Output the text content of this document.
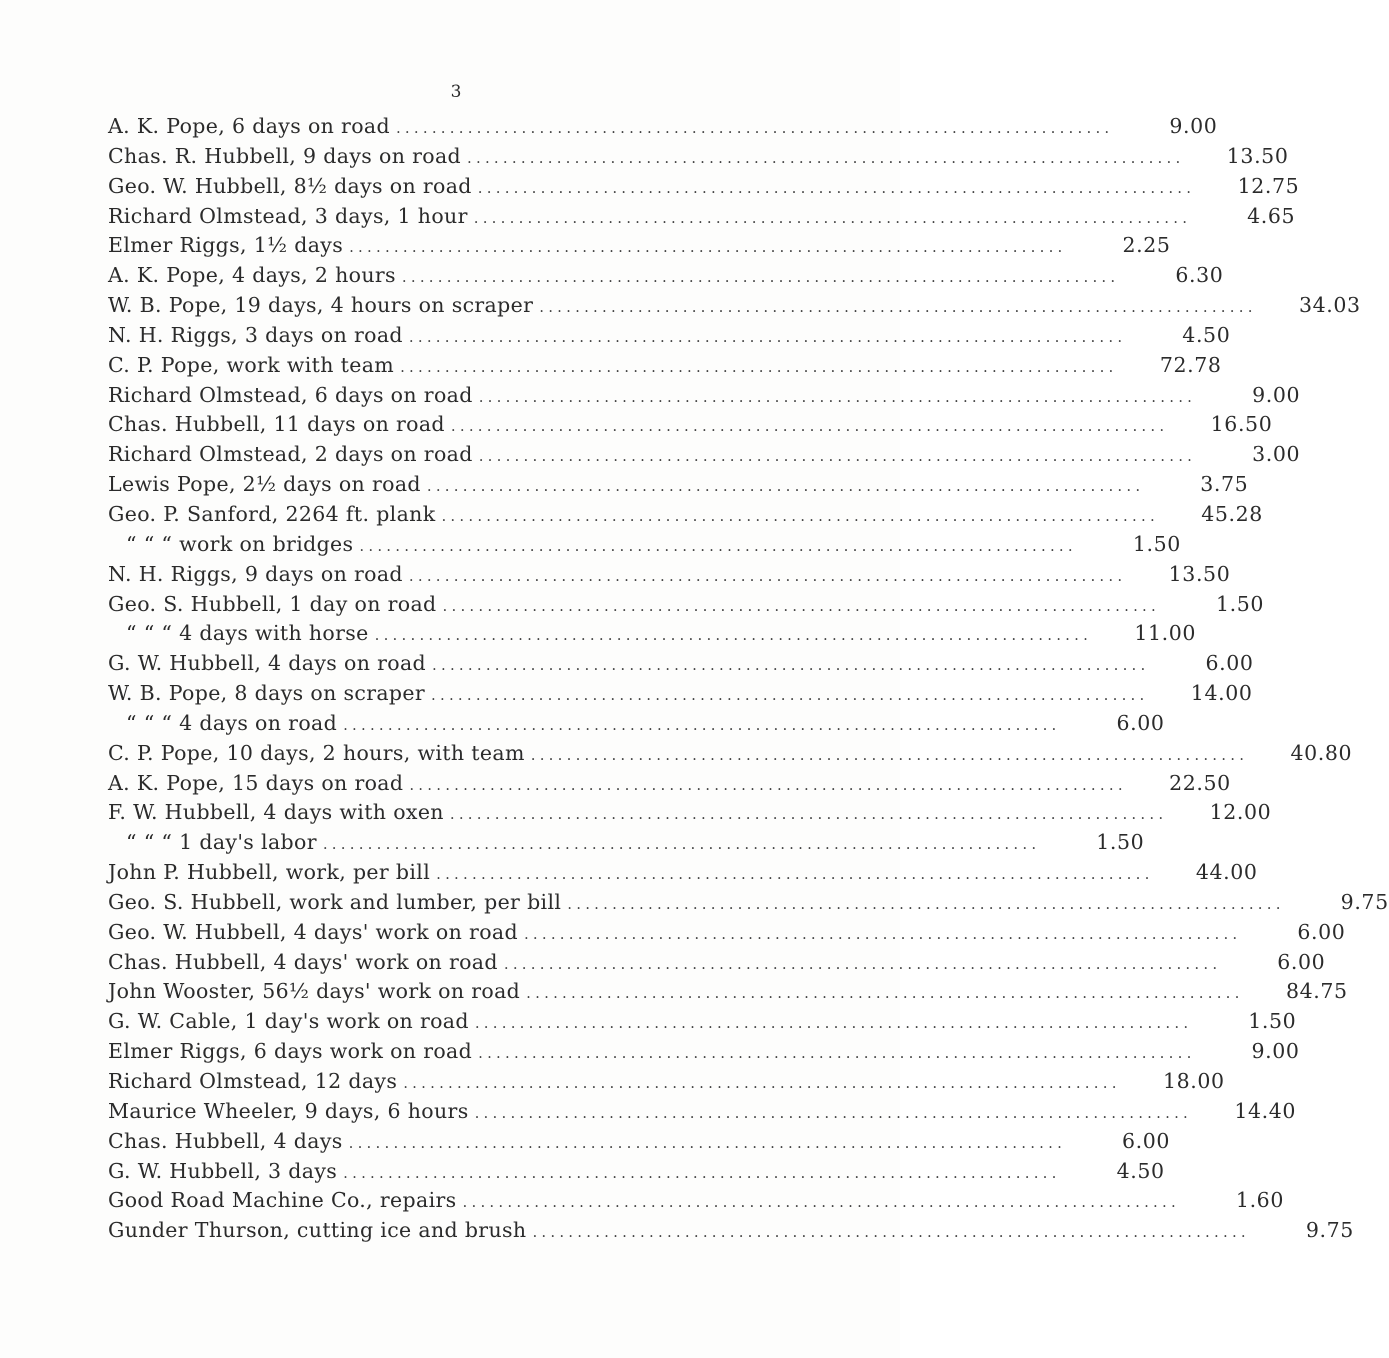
3
A. K. Pope, 6 days on road ................................................................................	9.00
Chas. R. Hubbell, 9 days on road ................................................................................	13.50
Geo. W. Hubbell, 8½ days on road ................................................................................	12.75
Richard Olmstead, 3 days, 1 hour ................................................................................	4.65
Elmer Riggs, 1½ days ................................................................................	2.25
A. K. Pope, 4 days, 2 hours ................................................................................	6.30
W. B. Pope, 19 days, 4 hours on scraper ................................................................................	34.03
N. H. Riggs, 3 days on road ................................................................................	4.50
C. P. Pope, work with team ................................................................................	72.78
Richard Olmstead, 6 days on road ................................................................................	9.00
Chas. Hubbell, 11 days on road ................................................................................	16.50
Richard Olmstead, 2 days on road ................................................................................	3.00
Lewis Pope, 2½ days on road ................................................................................	3.75
Geo. P. Sanford, 2264 ft. plank ................................................................................	45.28
“ “ “ work on bridges ................................................................................	1.50
N. H. Riggs, 9 days on road ................................................................................	13.50
Geo. S. Hubbell, 1 day on road ................................................................................	1.50
“ “ “ 4 days with horse ................................................................................	11.00
G. W. Hubbell, 4 days on road ................................................................................	6.00
W. B. Pope, 8 days on scraper ................................................................................	14.00
“ “ “ 4 days on road ................................................................................	6.00
C. P. Pope, 10 days, 2 hours, with team ................................................................................	40.80
A. K. Pope, 15 days on road ................................................................................	22.50
F. W. Hubbell, 4 days with oxen ................................................................................	12.00
“ “ “ 1 day's labor ................................................................................	1.50
John P. Hubbell, work, per bill ................................................................................	44.00
Geo. S. Hubbell, work and lumber, per bill ................................................................................	9.75
Geo. W. Hubbell, 4 days' work on road ................................................................................	6.00
Chas. Hubbell, 4 days' work on road ................................................................................	6.00
John Wooster, 56½ days' work on road ................................................................................	84.75
G. W. Cable, 1 day's work on road ................................................................................	1.50
Elmer Riggs, 6 days work on road ................................................................................	9.00
Richard Olmstead, 12 days ................................................................................	18.00
Maurice Wheeler, 9 days, 6 hours ................................................................................	14.40
Chas. Hubbell, 4 days ................................................................................	6.00
G. W. Hubbell, 3 days ................................................................................	4.50
Good Road Machine Co., repairs ................................................................................	1.60
Gunder Thurson, cutting ice and brush ................................................................................	9.75
